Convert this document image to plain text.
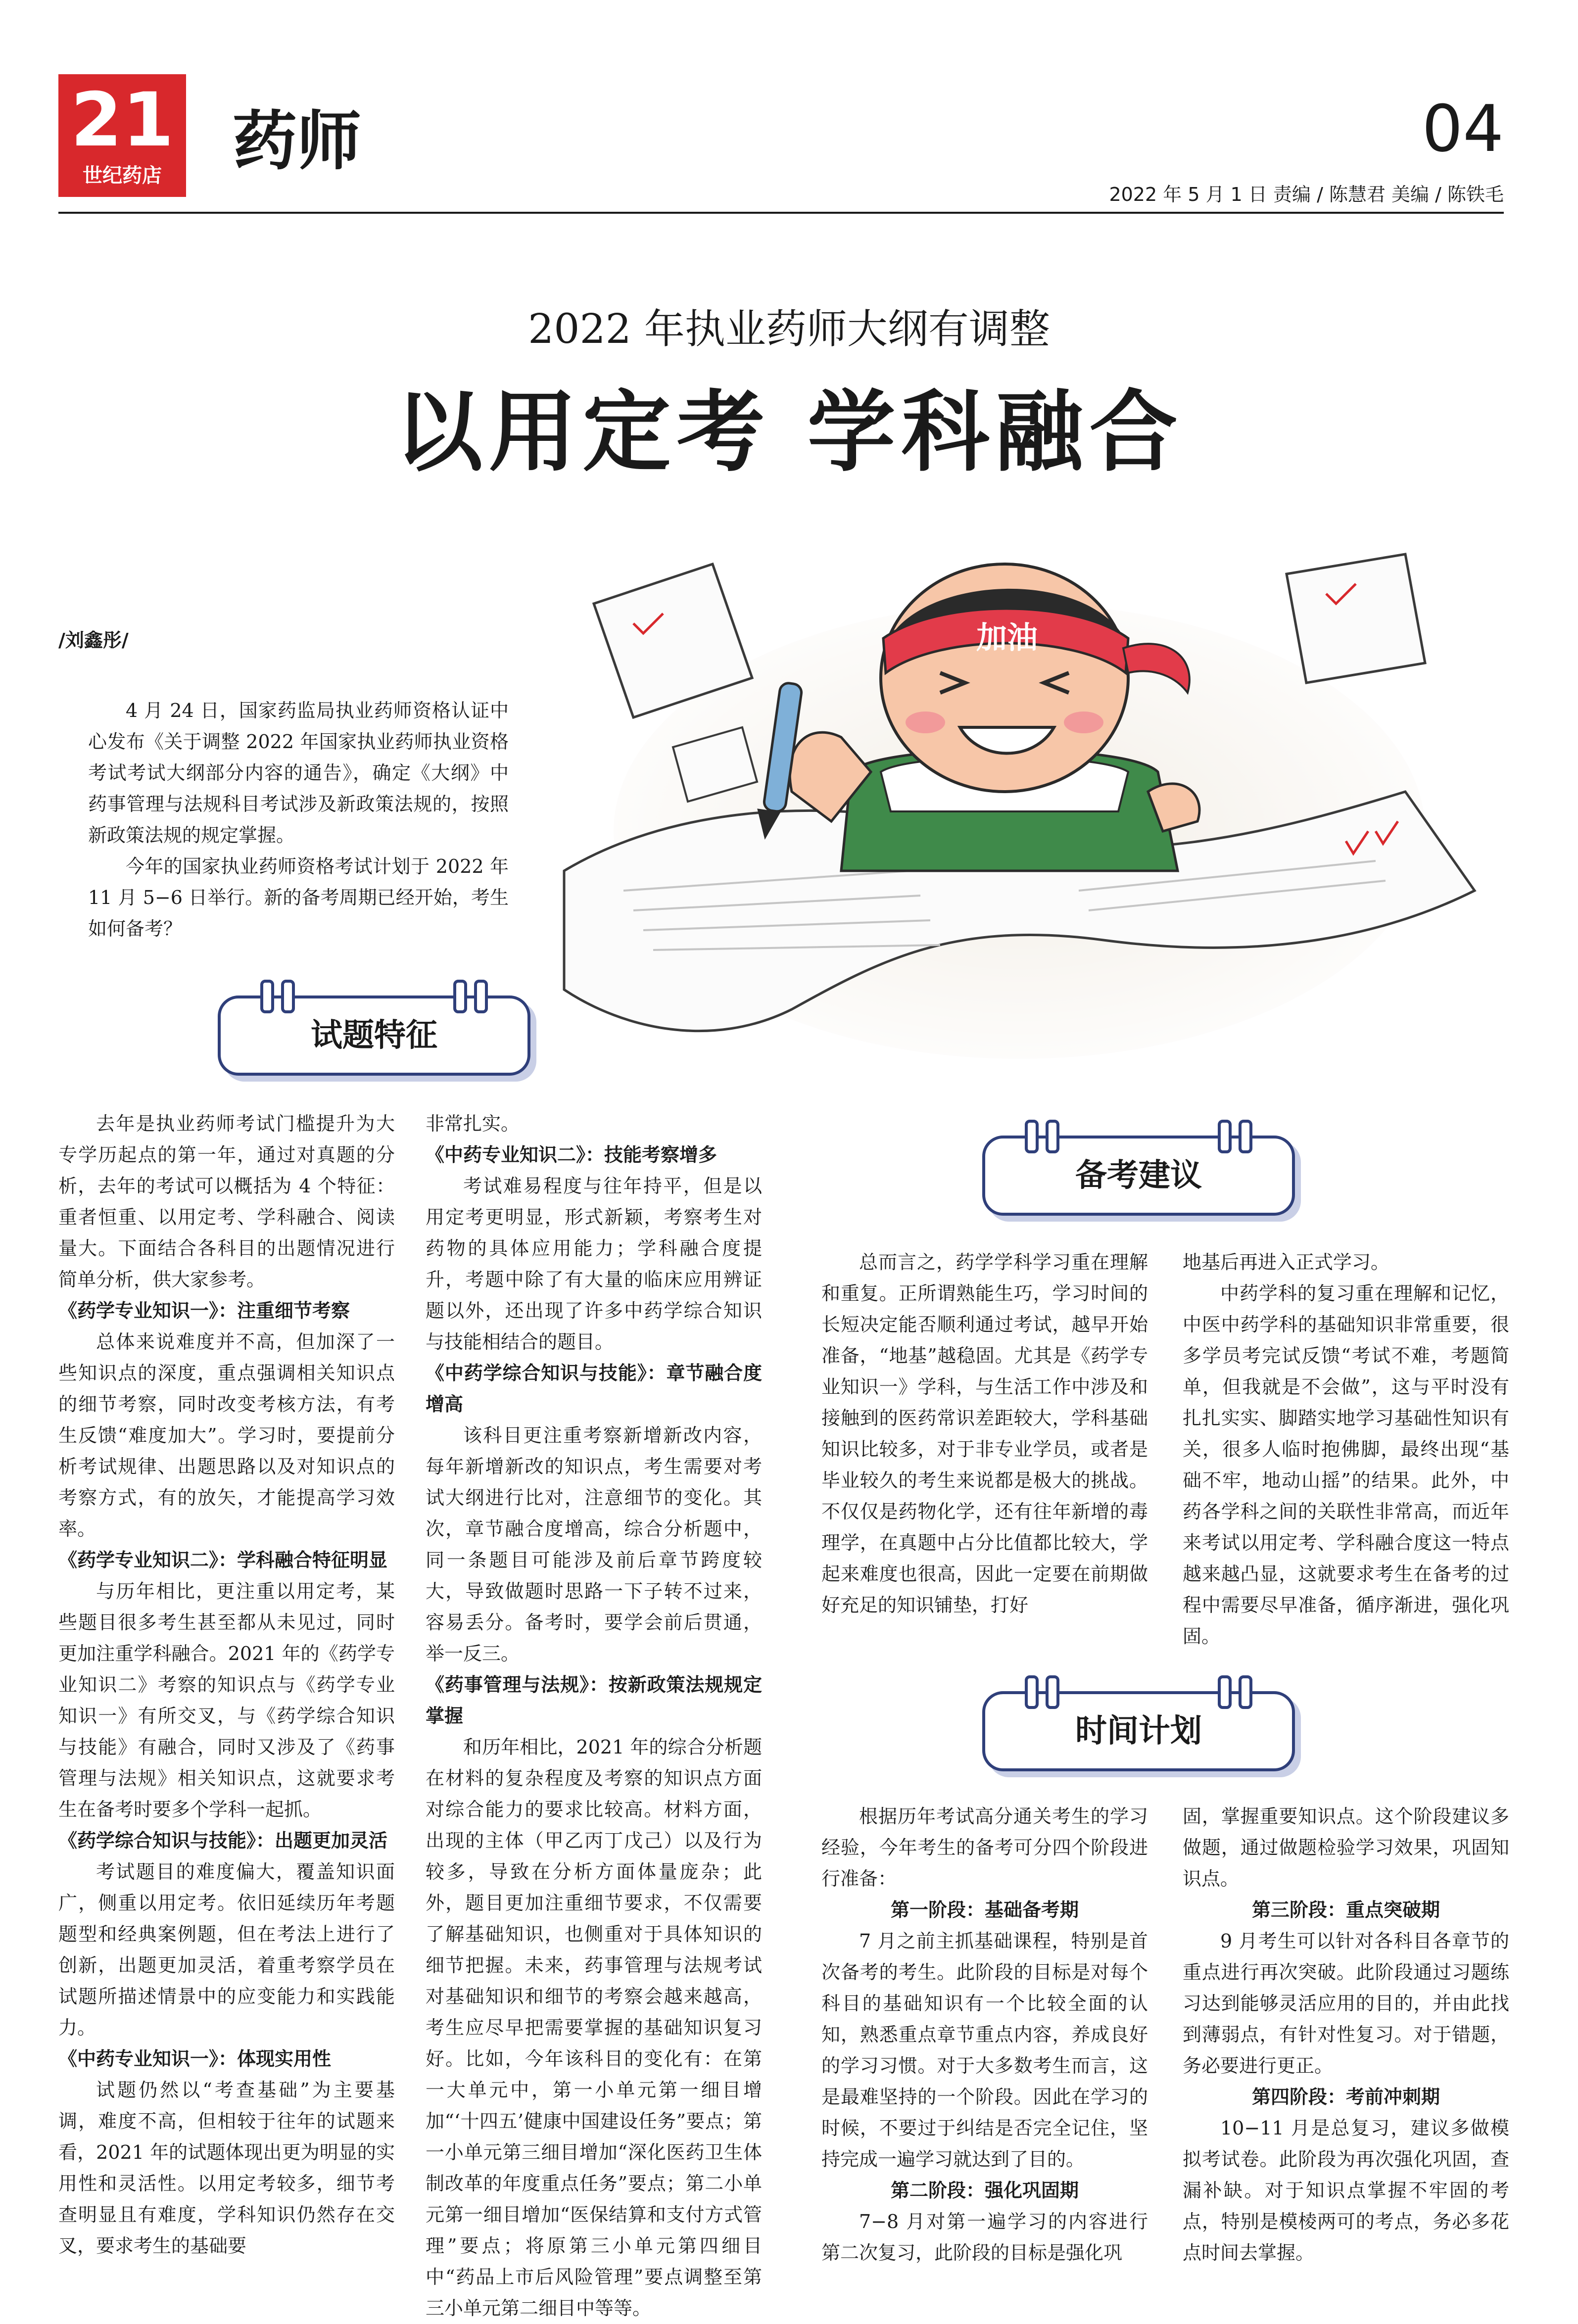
21
世纪药店	药师	04
2022 年 5 月 1 日 责编 / 陈慧君 美编 / 陈铁毛
2022 年执业药师大纲有调整
以用定考 学科融合
/刘鑫彤/

4 月 24 日，国家药监局执业药师资格认证中心发布《关于调整 2022 年国家执业药师执业资格考试考试大纲部分内容的通告》，确定《大纲》中药事管理与法规科目考试涉及新政策法规的，按照新政策法规的规定掌握。

今年的国家执业药师资格考试计划于 2022 年 11 月 5−6 日举行。新的备考周期已经开始，考生如何备考？

加油
试题特征

去年是执业药师考试门槛提升为大专学历起点的第一年，通过对真题的分析，去年的考试可以概括为 4 个特征：重者恒重、以用定考、学科融合、阅读量大。下面结合各科目的出题情况进行简单分析，供大家参考。

《药学专业知识一》：注重细节考察

总体来说难度并不高，但加深了一些知识点的深度，重点强调相关知识点的细节考察，同时改变考核方法，有考生反馈“难度加大”。学习时，要提前分析考试规律、出题思路以及对知识点的考察方式，有的放矢，才能提高学习效率。

《药学专业知识二》：学科融合特征明显

与历年相比，更注重以用定考，某些题目很多考生甚至都从未见过，同时更加注重学科融合。2021 年的《药学专业知识二》考察的知识点与《药学专业知识一》有所交叉，与《药学综合知识与技能》有融合，同时又涉及了《药事管理与法规》相关知识点，这就要求考生在备考时要多个学科一起抓。

《药学综合知识与技能》：出题更加灵活

考试题目的难度偏大，覆盖知识面广，侧重以用定考。依旧延续历年考题题型和经典案例题，但在考法上进行了创新，出题更加灵活，着重考察学员在试题所描述情景中的应变能力和实践能力。

《中药专业知识一》：体现实用性

试题仍然以“考查基础”为主要基调，难度不高，但相较于往年的试题来看，2021 年的试题体现出更为明显的实用性和灵活性。以用定考较多，细节考查明显且有难度，学科知识仍然存在交叉，要求考生的基础要

非常扎实。

《中药专业知识二》：技能考察增多

考试难易程度与往年持平，但是以用定考更明显，形式新颖，考察考生对药物的具体应用能力；学科融合度提升，考题中除了有大量的临床应用辨证题以外，还出现了许多中药学综合知识与技能相结合的题目。

《中药学综合知识与技能》：章节融合度增高

该科目更注重考察新增新改内容，每年新增新改的知识点，考生需要对考试大纲进行比对，注意细节的变化。其次，章节融合度增高，综合分析题中，同一条题目可能涉及前后章节跨度较大，导致做题时思路一下子转不过来，容易丢分。备考时，要学会前后贯通，举一反三。

《药事管理与法规》：按新政策法规规定掌握

和历年相比，2021 年的综合分析题在材料的复杂程度及考察的知识点方面对综合能力的要求比较高。材料方面，出现的主体（甲乙丙丁戊己）以及行为较多，导致在分析方面体量庞杂；此外，题目更加注重细节要求，不仅需要了解基础知识，也侧重对于具体知识的细节把握。未来，药事管理与法规考试对基础知识和细节的考察会越来越高，考生应尽早把需要掌握的基础知识复习好。比如，今年该科目的变化有：在第一大单元中，第一小单元第一细目增加“‘十四五’健康中国建设任务”要点；第一小单元第三细目增加“深化医药卫生体制改革的年度重点任务”要点；第二小单元第一细目增加“医保结算和支付方式管理”要点；将原第三小单元第四细目中“药品上市后风险管理”要点调整至第三小单元第二细目中等等。

备考建议

总而言之，药学学科学习重在理解和重复。正所谓熟能生巧，学习时间的长短决定能否顺利通过考试，越早开始准备，“地基”越稳固。尤其是《药学专业知识一》学科，与生活工作中涉及和接触到的医药常识差距较大，学科基础知识比较多，对于非专业学员，或者是毕业较久的考生来说都是极大的挑战。不仅仅是药物化学，还有往年新增的毒理学，在真题中占分比值都比较大，学起来难度也很高，因此一定要在前期做好充足的知识铺垫，打好

地基后再进入正式学习。

中药学科的复习重在理解和记忆，中医中药学科的基础知识非常重要，很多学员考完试反馈“考试不难，考题简单，但我就是不会做”，这与平时没有扎扎实实、脚踏实地学习基础性知识有关，很多人临时抱佛脚，最终出现“基础不牢，地动山摇”的结果。此外，中药各学科之间的关联性非常高，而近年来考试以用定考、学科融合度这一特点越来越凸显，这就要求考生在备考的过程中需要尽早准备，循序渐进，强化巩固。

时间计划

根据历年考试高分通关考生的学习经验，今年考生的备考可分四个阶段进行准备：

第一阶段：基础备考期

7 月之前主抓基础课程，特别是首次备考的考生。此阶段的目标是对每个科目的基础知识有一个比较全面的认知，熟悉重点章节重点内容，养成良好的学习习惯。对于大多数考生而言，这是最难坚持的一个阶段。因此在学习的时候，不要过于纠结是否完全记住，坚持完成一遍学习就达到了目的。

第二阶段：强化巩固期

7−8 月对第一遍学习的内容进行第二次复习，此阶段的目标是强化巩

固，掌握重要知识点。这个阶段建议多做题，通过做题检验学习效果，巩固知识点。

第三阶段：重点突破期

9 月考生可以针对各科目各章节的重点进行再次突破。此阶段通过习题练习达到能够灵活应用的目的，并由此找到薄弱点，有针对性复习。对于错题，务必要进行更正。

第四阶段：考前冲刺期

10−11 月是总复习，建议多做模拟考试卷。此阶段为再次强化巩固，查漏补缺。对于知识点掌握不牢固的考点，特别是模棱两可的考点，务必多花点时间去掌握。
